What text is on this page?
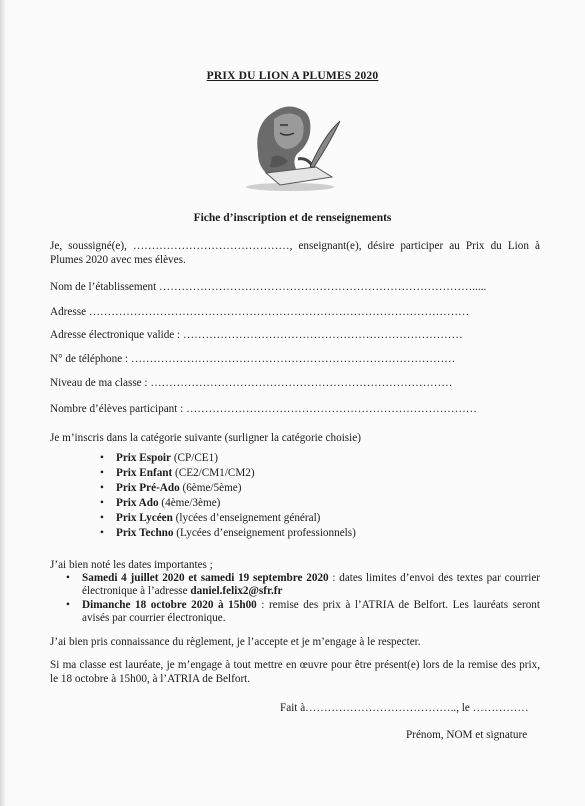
PRIX DU LION A PLUMES 2020
Fiche d’inscription et de renseignements
Je, soussigné(e), ……………………………………, enseignant(e), désire participer au Prix du Lion à Plumes 2020 avec mes élèves.
Nom de l’établissement ………………………………………………………………………….....
Adresse …………………………………………………………………………………………
Adresse électronique valide : …………………………………………………………………
N° de téléphone : ……………………………………………………………………………
Niveau de ma classe : ………………………………………………………………………
Nombre d’élèves participant : ……………………………………………………………………
Je m’inscris dans la catégorie suivante (surligner la catégorie choisie)
• Prix Espoir (CP/CE1)
• Prix Enfant (CE2/CM1/CM2)
• Prix Pré-Ado (6ème/5ème)
• Prix Ado (4ème/3ème)
• Prix Lycéen (lycées d’enseignement général)
• Prix Techno (Lycées d’enseignement professionnels)
J’ai bien noté les dates importantes ;
• Samedi 4 juillet 2020 et samedi 19 septembre 2020 : dates limites d’envoi des textes par courrier électronique à l’adresse daniel.felix2@sfr.fr
• Dimanche 18 octobre 2020 à 15h00 : remise des prix à l’ATRIA de Belfort. Les lauréats seront avisés par courrier électronique.
J’ai bien pris connaissance du règlement, je l’accepte et je m’engage à le respecter.
Si ma classe est lauréate, je m’engage à tout mettre en œuvre pour être présent(e) lors de la remise des prix, le 18 octobre à 15h00, à l’ATRIA de Belfort.
Fait à………………………………….., le ……………
Prénom, NOM et signature
